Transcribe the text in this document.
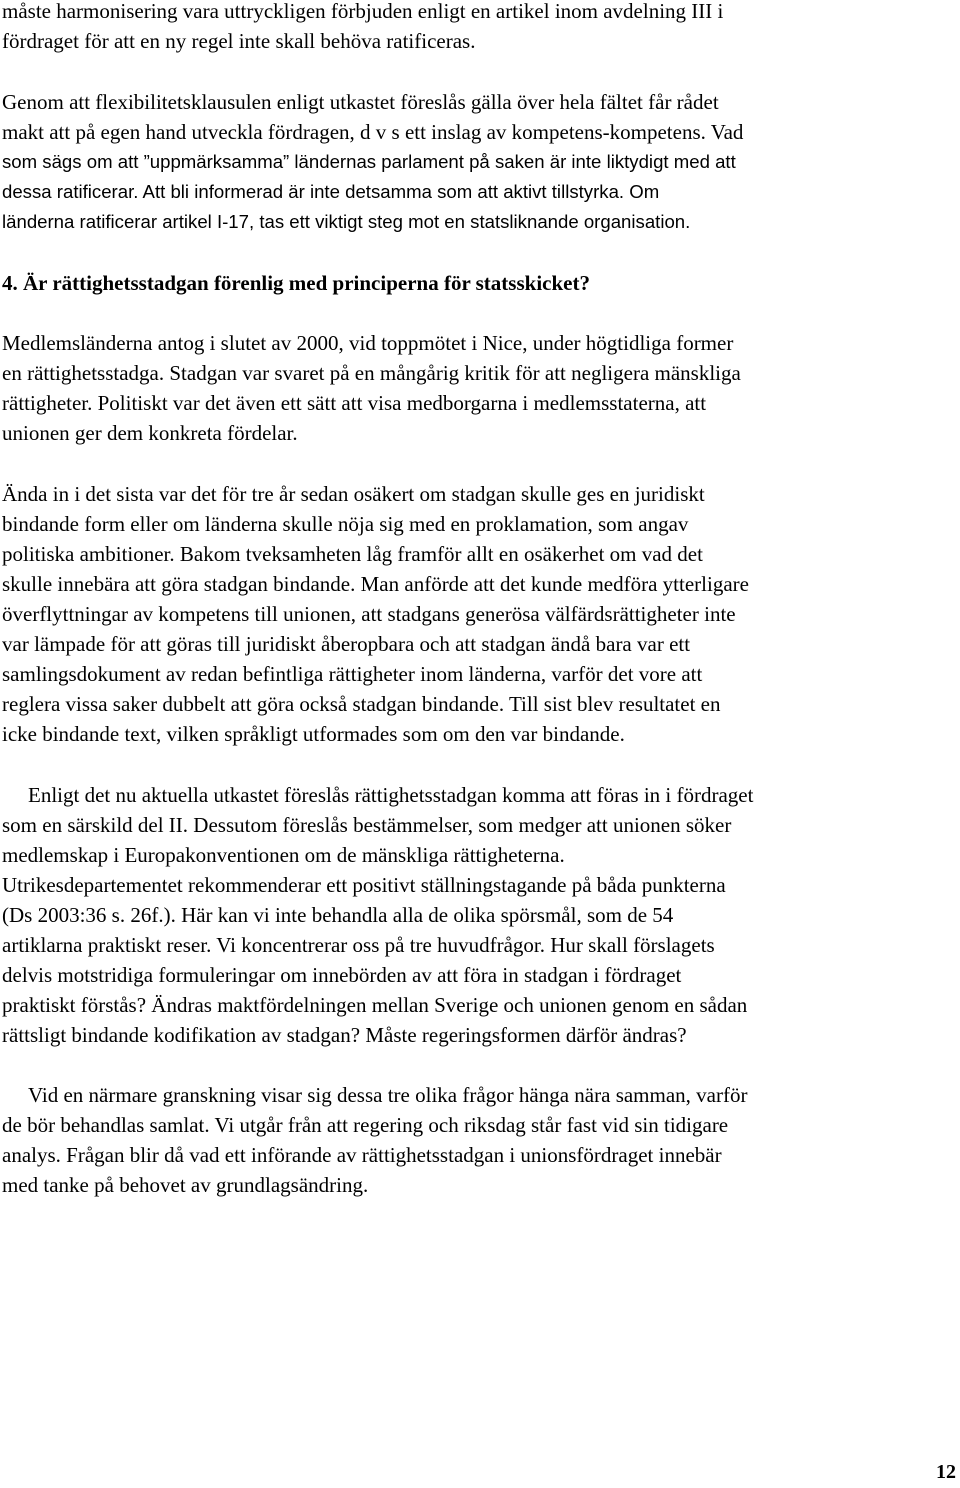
måste harmonisering vara uttryckligen förbjuden enligt en artikel inom avdelning III i
fördraget för att en ny regel inte skall behöva ratificeras.
Genom att flexibilitetsklausulen enligt utkastet föreslås gälla över hela fältet får rådet
makt att på egen hand utveckla fördragen, d v s ett inslag av kompetens-kompetens. Vad
som sägs om att ”uppmärksamma” ländernas parlament på saken är inte liktydigt med att
dessa ratificerar. Att bli informerad är inte detsamma som att aktivt tillstyrka. Om
länderna ratificerar artikel I-17, tas ett viktigt steg mot en statsliknande organisation.
4. Är rättighetsstadgan förenlig med principerna för statsskicket?
Medlemsländerna antog i slutet av 2000, vid toppmötet i Nice, under högtidliga former
en rättighetsstadga. Stadgan var svaret på en mångårig kritik för att negligera mänskliga
rättigheter. Politiskt var det även ett sätt att visa medborgarna i medlemsstaterna, att
unionen ger dem konkreta fördelar.
Ända in i det sista var det för tre år sedan osäkert om stadgan skulle ges en juridiskt
bindande form eller om länderna skulle nöja sig med en proklamation, som angav
politiska ambitioner. Bakom tveksamheten låg framför allt en osäkerhet om vad det
skulle innebära att göra stadgan bindande. Man anförde att det kunde medföra ytterligare
överflyttningar av kompetens till unionen, att stadgans generösa välfärdsrättigheter inte
var lämpade för att göras till juridiskt åberopbara och att stadgan ändå bara var ett
samlingsdokument av redan befintliga rättigheter inom länderna, varför det vore att
reglera vissa saker dubbelt att göra också stadgan bindande. Till sist blev resultatet en
icke bindande text, vilken språkligt utformades som om den var bindande.
Enligt det nu aktuella utkastet föreslås rättighetsstadgan komma att föras in i fördraget
som en särskild del II. Dessutom föreslås bestämmelser, som medger att unionen söker
medlemskap i Europakonventionen om de mänskliga rättigheterna.
Utrikesdepartementet rekommenderar ett positivt ställningstagande på båda punkterna
(Ds 2003:36 s. 26f.). Här kan vi inte behandla alla de olika spörsmål, som de 54
artiklarna praktiskt reser. Vi koncentrerar oss på tre huvudfrågor. Hur skall förslagets
delvis motstridiga formuleringar om innebörden av att föra in stadgan i fördraget
praktiskt förstås? Ändras maktfördelningen mellan Sverige och unionen genom en sådan
rättsligt bindande kodifikation av stadgan? Måste regeringsformen därför ändras?
Vid en närmare granskning visar sig dessa tre olika frågor hänga nära samman, varför
de bör behandlas samlat. Vi utgår från att regering och riksdag står fast vid sin tidigare
analys. Frågan blir då vad ett införande av rättighetsstadgan i unionsfördraget innebär
med tanke på behovet av grundlagsändring.
12
